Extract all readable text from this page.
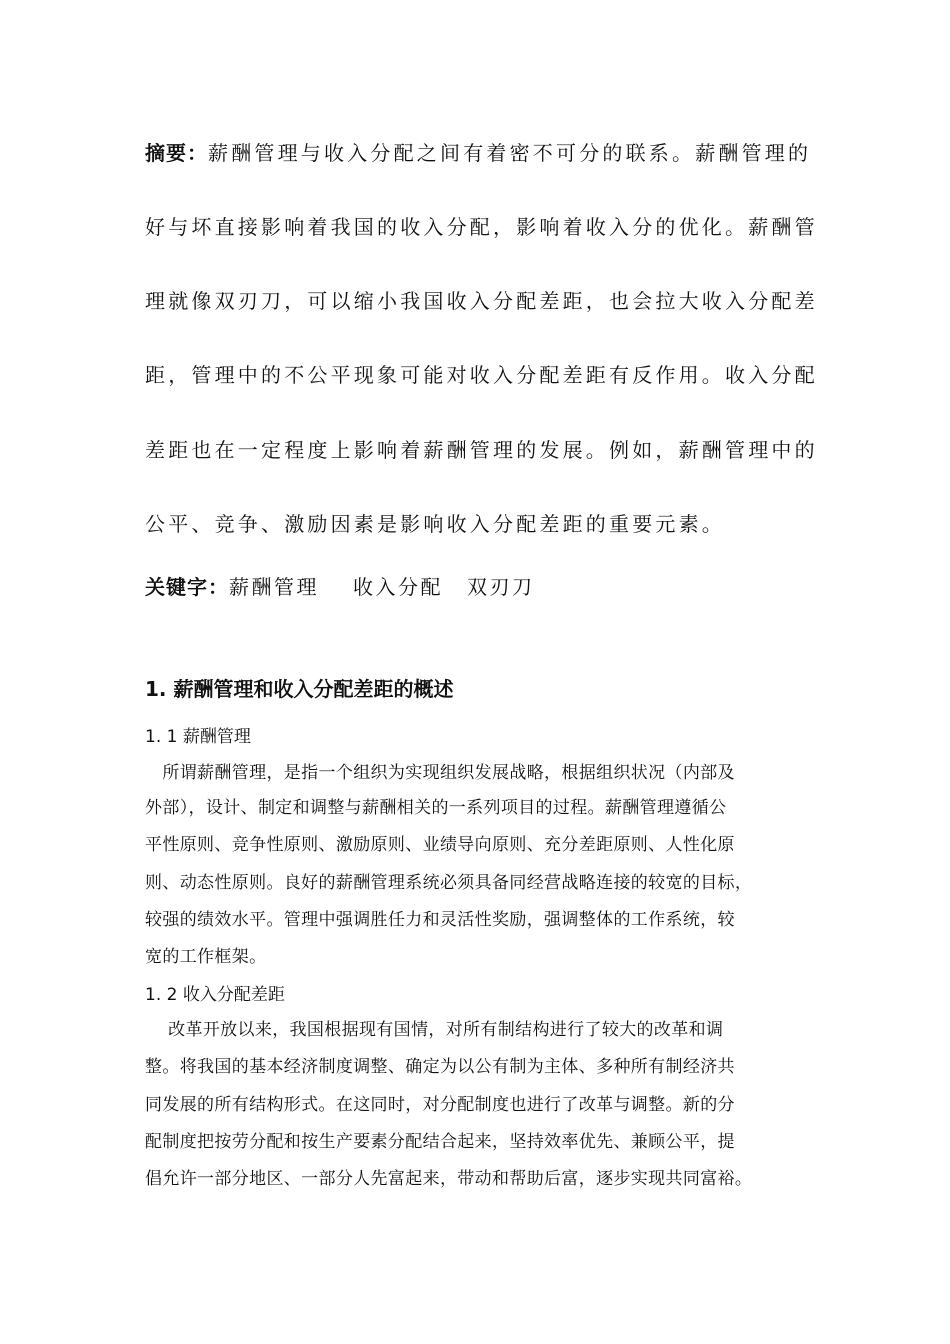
摘要：薪酬管理与收入分配之间有着密不可分的联系。薪酬管理的
好与坏直接影响着我国的收入分配，影响着收入分的优化。薪酬管
理就像双刃刀，可以缩小我国收入分配差距，也会拉大收入分配差
距，管理中的不公平现象可能对收入分配差距有反作用。收入分配
差距也在一定程度上影响着薪酬管理的发展。例如，薪酬管理中的
公平、竞争、激励因素是影响收入分配差距的重要元素。
关键字：薪酬管理 收入分配 双刃刀
1. 薪酬管理和收入分配差距的概述
1. 1 薪酬管理
　所谓薪酬管理，是指一个组织为实现组织发展战略，根据组织状况（内部及
外部），设计、制定和调整与薪酬相关的一系列项目的过程。薪酬管理遵循公
平性原则、竞争性原则、激励原则、业绩导向原则、充分差距原则、人性化原
则、动态性原则。良好的薪酬管理系统必须具备同经营战略连接的较宽的目标，
较强的绩效水平。管理中强调胜任力和灵活性奖励，强调整体的工作系统，较
宽的工作框架。
1. 2 收入分配差距
　 改革开放以来，我国根据现有国情，对所有制结构进行了较大的改革和调
整。将我国的基本经济制度调整、确定为以公有制为主体、多种所有制经济共
同发展的所有结构形式。在这同时，对分配制度也进行了改革与调整。新的分
配制度把按劳分配和按生产要素分配结合起来，坚持效率优先、兼顾公平，提
倡允许一部分地区、一部分人先富起来，带动和帮助后富，逐步实现共同富裕。
